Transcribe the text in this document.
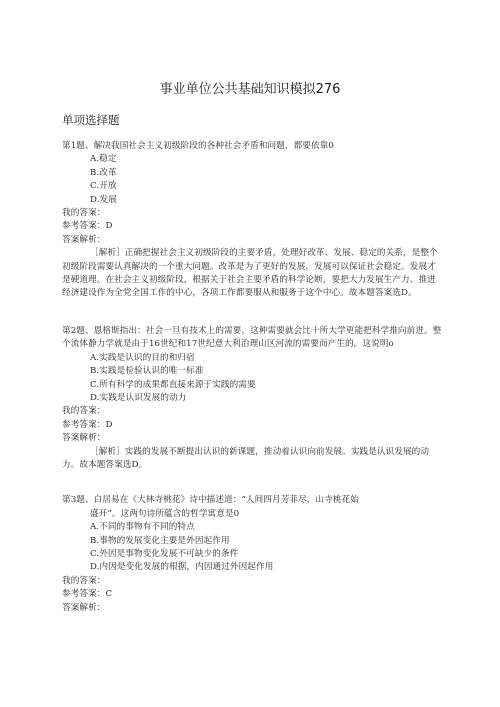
事业单位公共基础知识模拟276
单项选择题

第1题、解决我国社会主义初级阶段的各种社会矛盾和问题，都要依靠0

A.稳定

B.改革

C.开放

D.发展

我的答案：

参考答案：D

答案解析：

［解析］正确把握社会主义初级阶段的主要矛盾，处理好改革、发展、稳定的关系，是整个初级阶段需要认真解决的一个重大问题。改革是为了更好的发展，发展可以保证社会稳定。发展才是硬道理。在社会主义初级阶段，根据关于社会主要矛盾的科学论断，要把大力发展生产力、推进经济建设作为全党全国工作的中心，各项工作都要服从和服务于这个中心。故本题答案选D。

第2题、恩格斯指出：社会一旦有技术上的需要，这种需要就会比十所大学更能把科学推向前进。整个流体静力学就是由于16世纪和17世纪意大利治理山区河流的需要而产生的。这说明o

A.实践是认识的目的和归宿

B.实践是检验认识的唯一标准

C.所有科学的成果都直接来源于实践的需要

D.实践是认识发展的动力

我的答案：

参考答案：D

答案解析：

［解析］实践的发展不断提出认识的新课题，推动着认识向前发展。实践是认识发展的动力。故本题答案选D。

第3题、白居易在《大林寺桃花》诗中描述道：“人间四月芳菲尽，山寺桃花始

盛开”。这两句诗所蕴含的哲学寓意是0

A.不同的事物有不同的特点

B.事物的发展变化主要是外因起作用

C.外因是事物变化发展不可缺少的条件

D.内因是变化发展的根据，内因通过外因起作用

我的答案：

参考答案：C

答案解析：
